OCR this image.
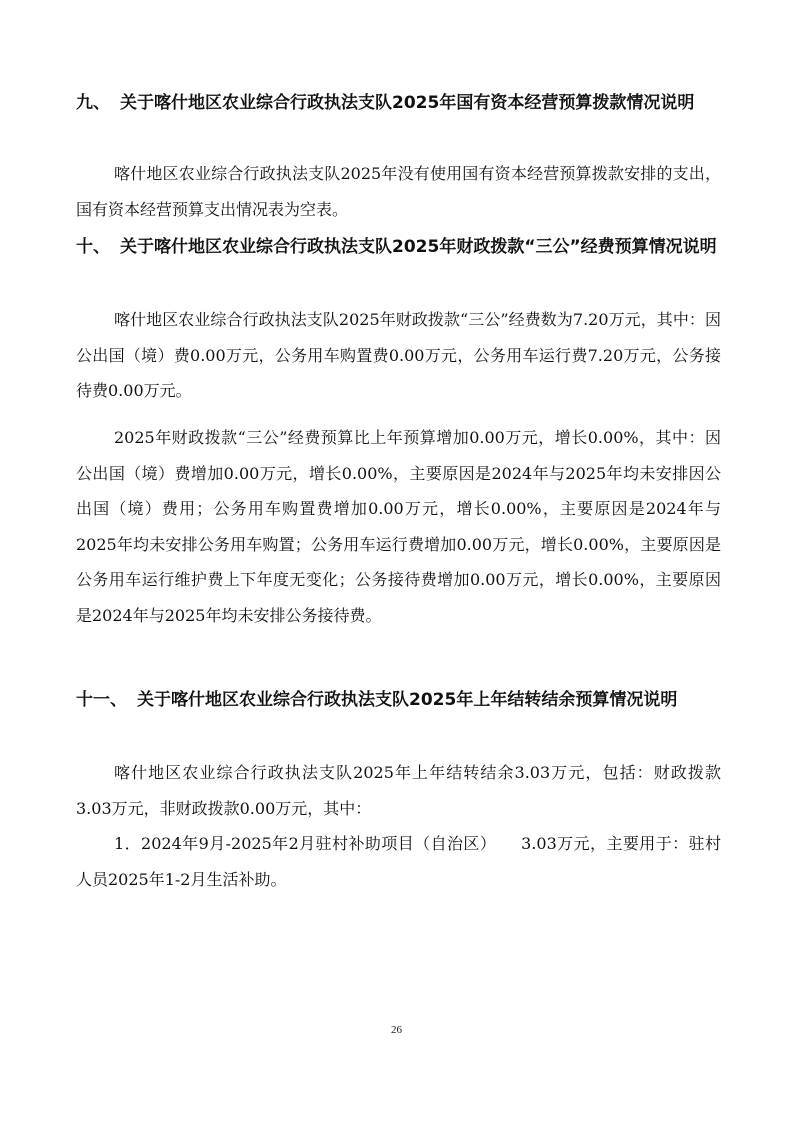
九、 关于喀什地区农业综合行政执法支队2025年国有资本经营预算拨款情况说明

喀什地区农业综合行政执法支队2025年没有使用国有资本经营预算拨款安排的支出，国有资本经营预算支出情况表为空表。

十、 关于喀什地区农业综合行政执法支队2025年财政拨款“三公”经费预算情况说明

喀什地区农业综合行政执法支队2025年财政拨款“三公”经费数为7.20万元，其中：因公出国（境）费0.00万元，公务用车购置费0.00万元，公务用车运行费7.20万元，公务接待费0.00万元。

2025年财政拨款“三公”经费预算比上年预算增加0.00万元，增长0.00%，其中：因公出国（境）费增加0.00万元，增长0.00%，主要原因是2024年与2025年均未安排因公出国（境）费用；公务用车购置费增加0.00万元，增长0.00%，主要原因是2024年与2025年均未安排公务用车购置；公务用车运行费增加0.00万元，增长0.00%，主要原因是公务用车运行维护费上下年度无变化；公务接待费增加0.00万元，增长0.00%，主要原因是2024年与2025年均未安排公务接待费。

十一、 关于喀什地区农业综合行政执法支队2025年上年结转结余预算情况说明

喀什地区农业综合行政执法支队2025年上年结转结余3.03万元，包括：财政拨款3.03万元，非财政拨款0.00万元，其中：

1．2024年9月-2025年2月驻村补助项目（自治区）　　3.03万元，主要用于：驻村人员2025年1-2月生活补助。

26
